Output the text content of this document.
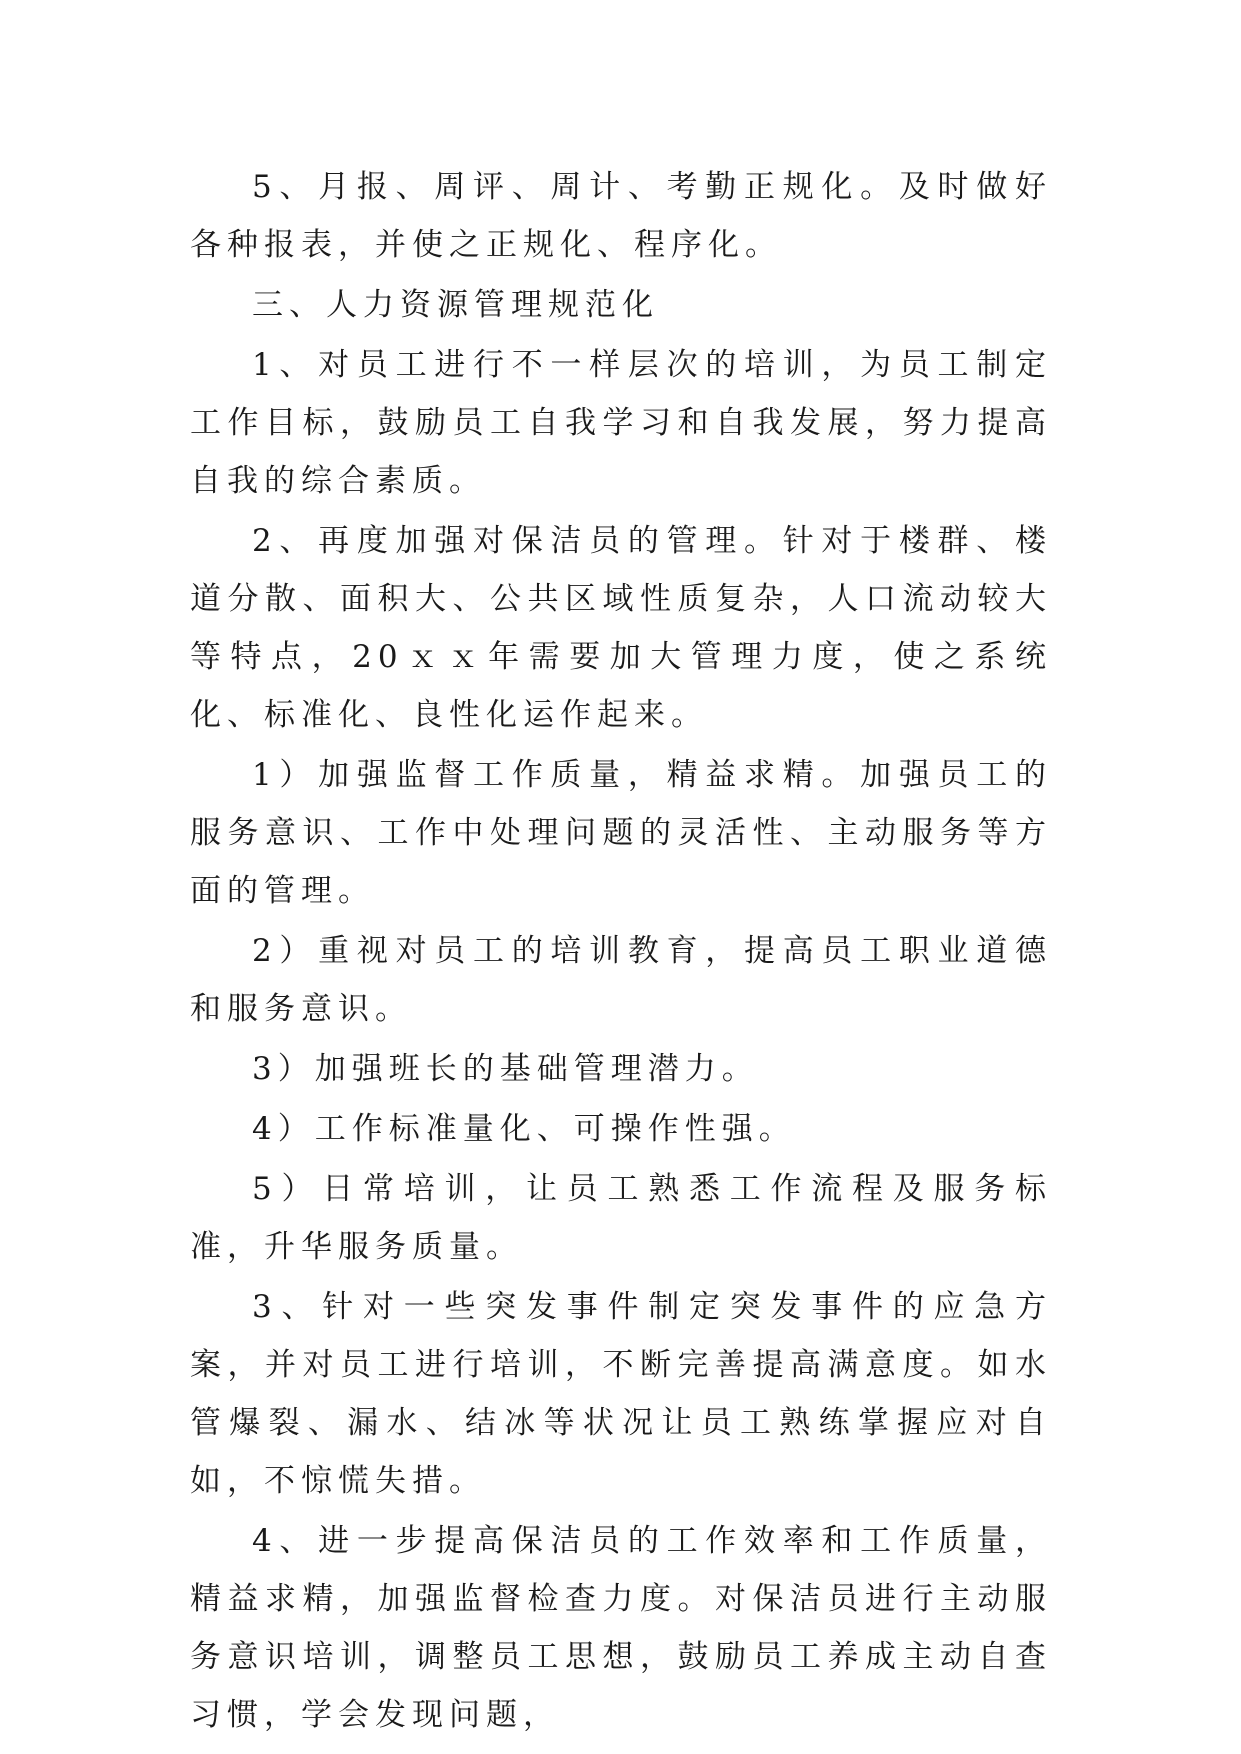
5、月报、周评、周计、考勤正规化。及时做好各种报表，并使之正规化、程序化。

三、人力资源管理规范化

1、对员工进行不一样层次的培训，为员工制定工作目标，鼓励员工自我学习和自我发展，努力提高自我的综合素质。

2、再度加强对保洁员的管理。针对于楼群、楼道分散、面积大、公共区域性质复杂，人口流动较大等特点，20ｘｘ年需要加大管理力度，使之系统化、标准化、良性化运作起来。

1）加强监督工作质量，精益求精。加强员工的服务意识、工作中处理问题的灵活性、主动服务等方面的管理。

2）重视对员工的培训教育，提高员工职业道德和服务意识。

3）加强班长的基础管理潜力。

4）工作标准量化、可操作性强。

5）日常培训，让员工熟悉工作流程及服务标准，升华服务质量。

3、针对一些突发事件制定突发事件的应急方案，并对员工进行培训，不断完善提高满意度。如水管爆裂、漏水、结冰等状况让员工熟练掌握应对自如，不惊慌失措。

4、进一步提高保洁员的工作效率和工作质量，精益求精，加强监督检查力度。对保洁员进行主动服务意识培训，调整员工思想，鼓励员工养成主动自查习惯，学会发现问题，
